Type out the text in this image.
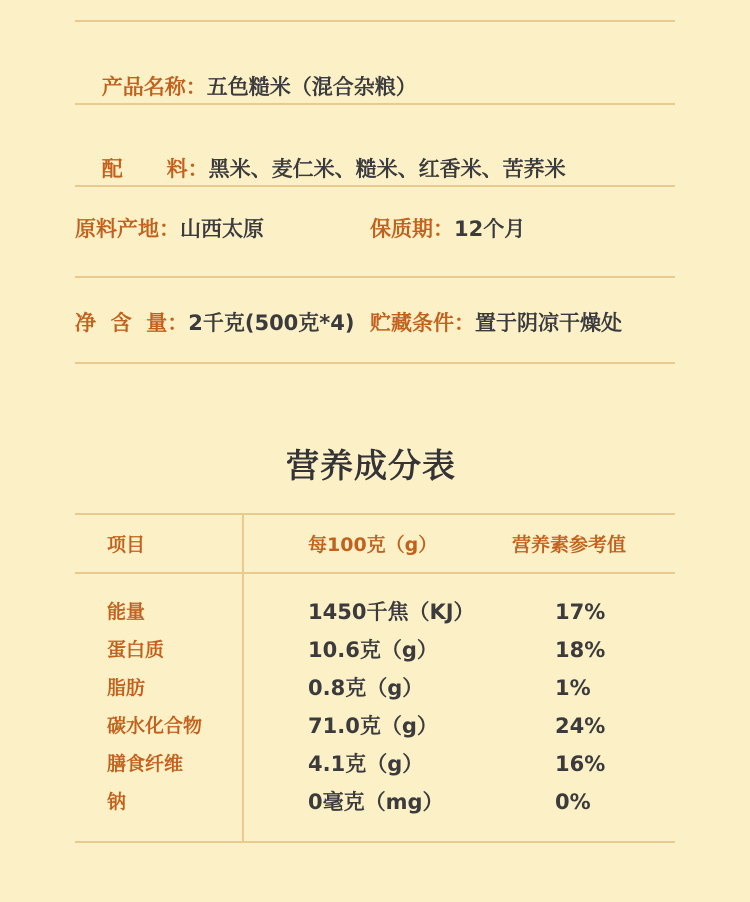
产品名称：五色糙米（混合杂粮）

配      料：黑米、麦仁米、糙米、红香米、苦荞米

原料产地：山西太原

	保质期：12个月

净  含  量：2千克(500克*4)

贮藏条件：置于阴凉干燥处

营养成分表
项目	每100克（g）	营养素参考值
能量	1450千焦（KJ）	17%
蛋白质	10.6克（g）	18%
脂肪	0.8克（g）	1%
碳水化合物	71.0克（g）	24%
膳食纤维	4.1克（g）	16%
钠	0毫克（mg）	0%
